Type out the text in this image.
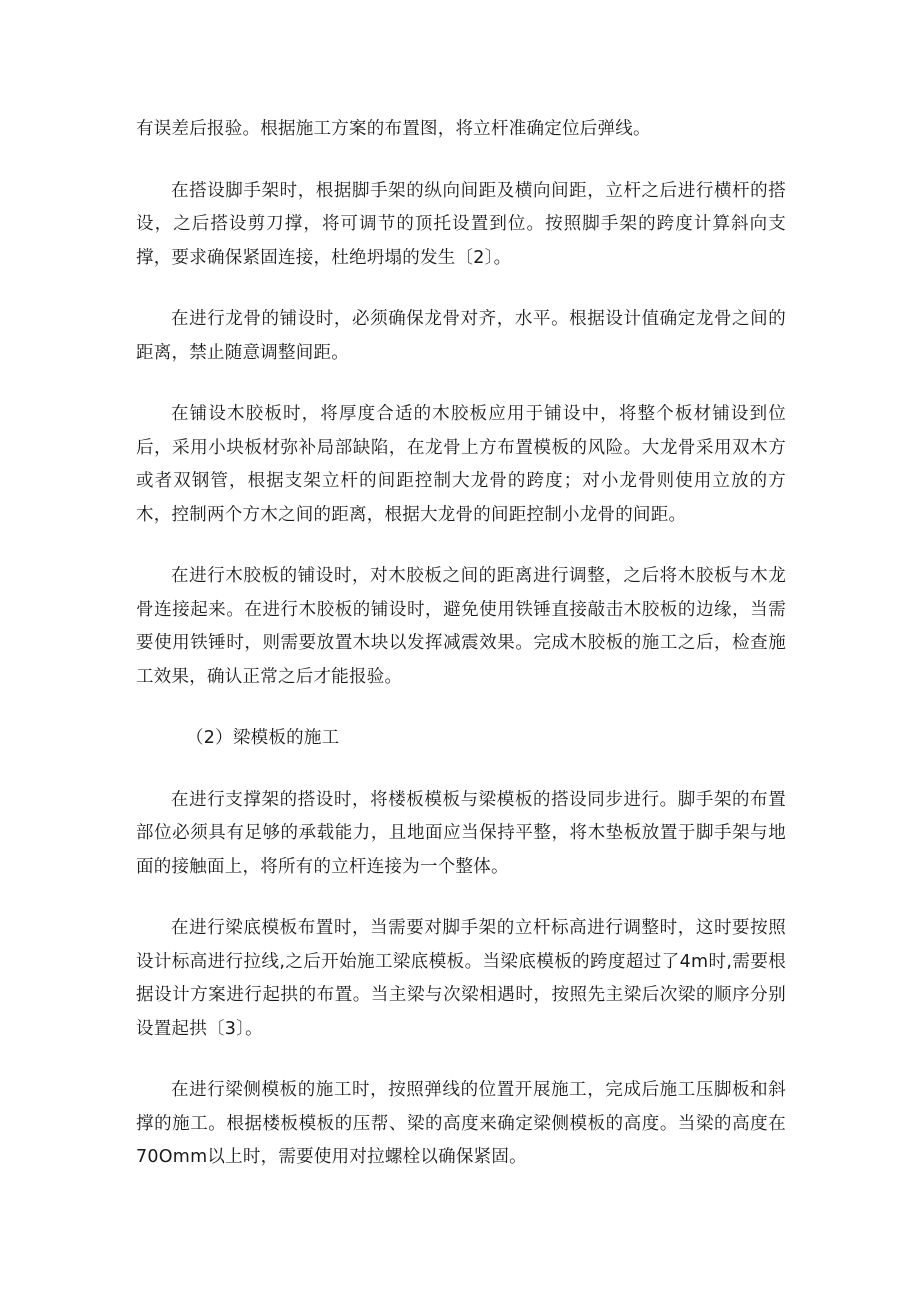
有误差后报验。根据施工方案的布置图，将立杆准确定位后弹线。

在搭设脚手架时，根据脚手架的纵向间距及横向间距，立杆之后进行横杆的搭设，之后搭设剪刀撑，将可调节的顶托设置到位。按照脚手架的跨度计算斜向支撑，要求确保紧固连接，杜绝坍塌的发生〔2〕。

在进行龙骨的铺设时，必须确保龙骨对齐，水平。根据设计值确定龙骨之间的距离，禁止随意调整间距。

在铺设木胶板时，将厚度合适的木胶板应用于铺设中，将整个板材铺设到位后，采用小块板材弥补局部缺陷，在龙骨上方布置模板的风险。大龙骨采用双木方或者双钢管，根据支架立杆的间距控制大龙骨的跨度；对小龙骨则使用立放的方木，控制两个方木之间的距离，根据大龙骨的间距控制小龙骨的间距。

在进行木胶板的铺设时，对木胶板之间的距离进行调整，之后将木胶板与木龙骨连接起来。在进行木胶板的铺设时，避免使用铁锤直接敲击木胶板的边缘，当需要使用铁锤时，则需要放置木块以发挥减震效果。完成木胶板的施工之后，检查施工效果，确认正常之后才能报验。

（2）梁模板的施工

在进行支撑架的搭设时，将楼板模板与梁模板的搭设同步进行。脚手架的布置部位必须具有足够的承载能力，且地面应当保持平整，将木垫板放置于脚手架与地面的接触面上，将所有的立杆连接为一个整体。

在进行梁底模板布置时，当需要对脚手架的立杆标高进行调整时，这时要按照设计标高进行拉线,之后开始施工梁底模板。当梁底模板的跨度超过了4m时,需要根据设计方案进行起拱的布置。当主梁与次梁相遇时，按照先主梁后次梁的顺序分别设置起拱〔3〕。

在进行梁侧模板的施工时，按照弹线的位置开展施工，完成后施工压脚板和斜撑的施工。根据楼板模板的压帮、梁的高度来确定梁侧模板的高度。当梁的高度在70Omm以上时，需要使用对拉螺栓以确保紧固。
